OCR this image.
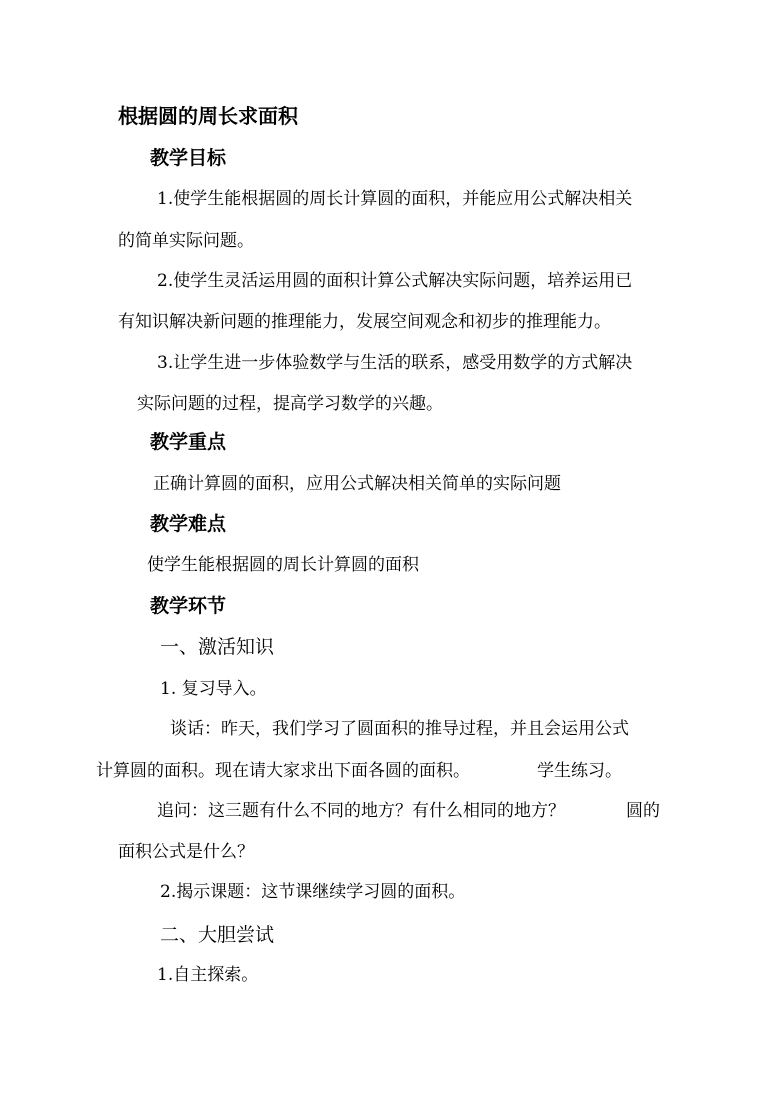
根据圆的周长求面积
教学目标
1.使学生能根据圆的周长计算圆的面积，并能应用公式解决相关
的简单实际问题。
2.使学生灵活运用圆的面积计算公式解决实际问题，培养运用已
有知识解决新问题的推理能力，发展空间观念和初步的推理能力。
3.让学生进一步体验数学与生活的联系，感受用数学的方式解决
实际问题的过程，提高学习数学的兴趣。
教学重点
正确计算圆的面积，应用公式解决相关简单的实际问题
教学难点
使学生能根据圆的周长计算圆的面积
教学环节
一、激活知识
1. 复习导入。
谈话：昨天，我们学习了圆面积的推导过程，并且会运用公式
计算圆的面积。现在请大家求出下面各圆的面积。	学生练习。
追问：这三题有什么不同的地方？有什么相同的地方？	圆的
面积公式是什么？
2.揭示课题：这节课继续学习圆的面积。
二、大胆尝试
1.自主探索。
